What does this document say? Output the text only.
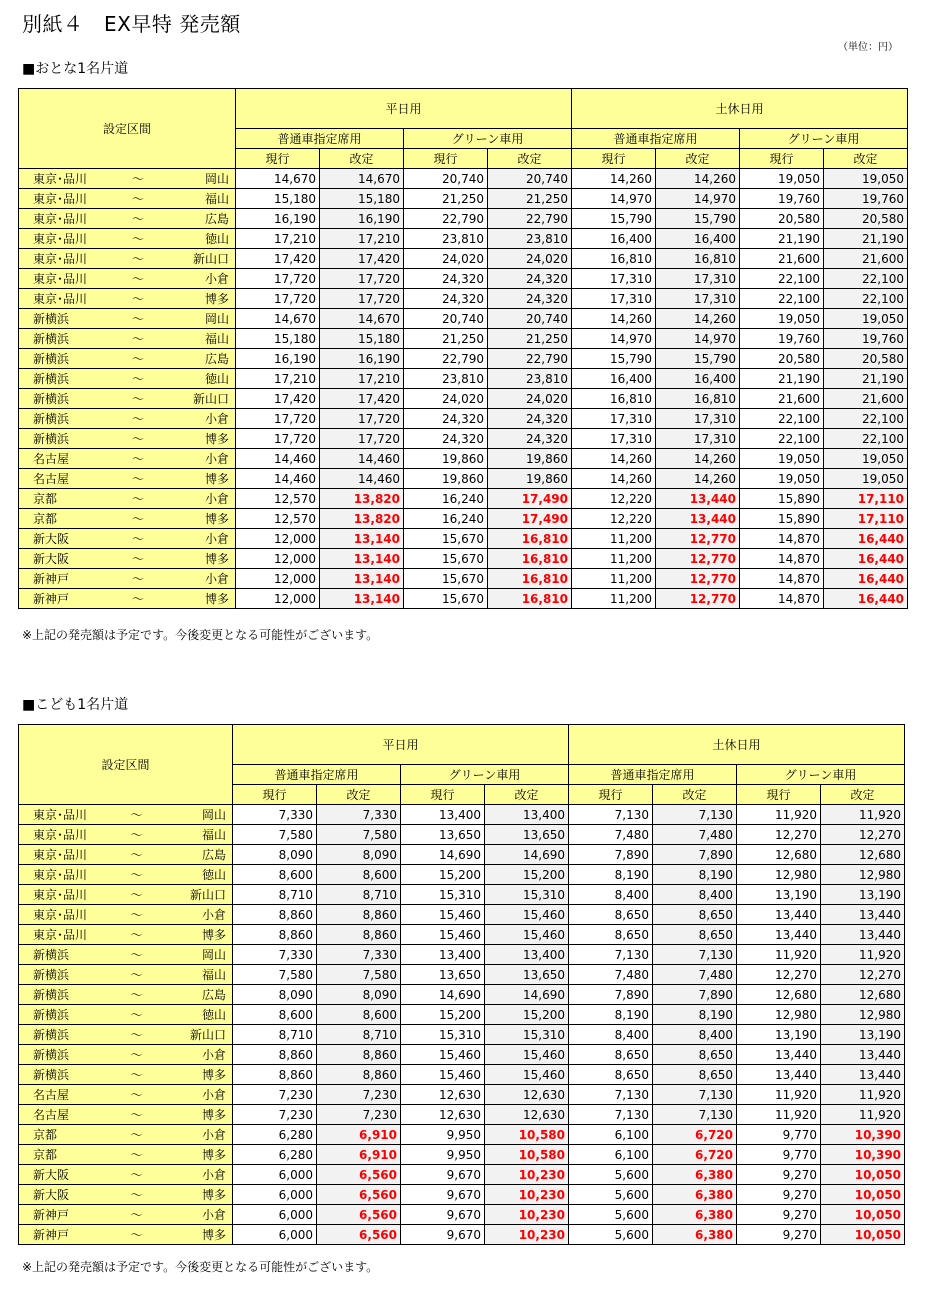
別紙４　EX早特 発売額
（単位：円）
■おとな1名片道
設定区間	平日用				土休日用			
	普通車指定席用		グリーン車用		普通車指定席用		グリーン車用	
	現行	改定	現行	改定	現行	改定	現行	改定

東京･品川 ～ 岡山	14,670	14,670	20,740	20,740	14,260	14,260	19,050	19,050

東京･品川 ～ 福山	15,180	15,180	21,250	21,250	14,970	14,970	19,760	19,760

東京･品川 ～ 広島	16,190	16,190	22,790	22,790	15,790	15,790	20,580	20,580

東京･品川 ～ 徳山	17,210	17,210	23,810	23,810	16,400	16,400	21,190	21,190

東京･品川 ～ 新山口	17,420	17,420	24,020	24,020	16,810	16,810	21,600	21,600

東京･品川 ～ 小倉	17,720	17,720	24,320	24,320	17,310	17,310	22,100	22,100

東京･品川 ～ 博多	17,720	17,720	24,320	24,320	17,310	17,310	22,100	22,100

新横浜 ～ 岡山	14,670	14,670	20,740	20,740	14,260	14,260	19,050	19,050

新横浜 ～ 福山	15,180	15,180	21,250	21,250	14,970	14,970	19,760	19,760

新横浜 ～ 広島	16,190	16,190	22,790	22,790	15,790	15,790	20,580	20,580

新横浜 ～ 徳山	17,210	17,210	23,810	23,810	16,400	16,400	21,190	21,190

新横浜 ～ 新山口	17,420	17,420	24,020	24,020	16,810	16,810	21,600	21,600

新横浜 ～ 小倉	17,720	17,720	24,320	24,320	17,310	17,310	22,100	22,100

新横浜 ～ 博多	17,720	17,720	24,320	24,320	17,310	17,310	22,100	22,100

名古屋 ～ 小倉	14,460	14,460	19,860	19,860	14,260	14,260	19,050	19,050

名古屋 ～ 博多	14,460	14,460	19,860	19,860	14,260	14,260	19,050	19,050

京都 ～ 小倉	12,570	13,820	16,240	17,490	12,220	13,440	15,890	17,110

京都 ～ 博多	12,570	13,820	16,240	17,490	12,220	13,440	15,890	17,110

新大阪 ～ 小倉	12,000	13,140	15,670	16,810	11,200	12,770	14,870	16,440

新大阪 ～ 博多	12,000	13,140	15,670	16,810	11,200	12,770	14,870	16,440

新神戸 ～ 小倉	12,000	13,140	15,670	16,810	11,200	12,770	14,870	16,440

新神戸 ～ 博多	12,000	13,140	15,670	16,810	11,200	12,770	14,870	16,440
※上記の発売額は予定です。今後変更となる可能性がございます。
■こども1名片道
設定区間	平日用				土休日用			
	普通車指定席用		グリーン車用		普通車指定席用		グリーン車用	
	現行	改定	現行	改定	現行	改定	現行	改定

東京･品川 ～ 岡山	7,330	7,330	13,400	13,400	7,130	7,130	11,920	11,920

東京･品川 ～ 福山	7,580	7,580	13,650	13,650	7,480	7,480	12,270	12,270

東京･品川 ～ 広島	8,090	8,090	14,690	14,690	7,890	7,890	12,680	12,680

東京･品川 ～ 徳山	8,600	8,600	15,200	15,200	8,190	8,190	12,980	12,980

東京･品川 ～ 新山口	8,710	8,710	15,310	15,310	8,400	8,400	13,190	13,190

東京･品川 ～ 小倉	8,860	8,860	15,460	15,460	8,650	8,650	13,440	13,440

東京･品川 ～ 博多	8,860	8,860	15,460	15,460	8,650	8,650	13,440	13,440

新横浜 ～ 岡山	7,330	7,330	13,400	13,400	7,130	7,130	11,920	11,920

新横浜 ～ 福山	7,580	7,580	13,650	13,650	7,480	7,480	12,270	12,270

新横浜 ～ 広島	8,090	8,090	14,690	14,690	7,890	7,890	12,680	12,680

新横浜 ～ 徳山	8,600	8,600	15,200	15,200	8,190	8,190	12,980	12,980

新横浜 ～ 新山口	8,710	8,710	15,310	15,310	8,400	8,400	13,190	13,190

新横浜 ～ 小倉	8,860	8,860	15,460	15,460	8,650	8,650	13,440	13,440

新横浜 ～ 博多	8,860	8,860	15,460	15,460	8,650	8,650	13,440	13,440

名古屋 ～ 小倉	7,230	7,230	12,630	12,630	7,130	7,130	11,920	11,920

名古屋 ～ 博多	7,230	7,230	12,630	12,630	7,130	7,130	11,920	11,920

京都 ～ 小倉	6,280	6,910	9,950	10,580	6,100	6,720	9,770	10,390

京都 ～ 博多	6,280	6,910	9,950	10,580	6,100	6,720	9,770	10,390

新大阪 ～ 小倉	6,000	6,560	9,670	10,230	5,600	6,380	9,270	10,050

新大阪 ～ 博多	6,000	6,560	9,670	10,230	5,600	6,380	9,270	10,050

新神戸 ～ 小倉	6,000	6,560	9,670	10,230	5,600	6,380	9,270	10,050

新神戸 ～ 博多	6,000	6,560	9,670	10,230	5,600	6,380	9,270	10,050
※上記の発売額は予定です。今後変更となる可能性がございます。
